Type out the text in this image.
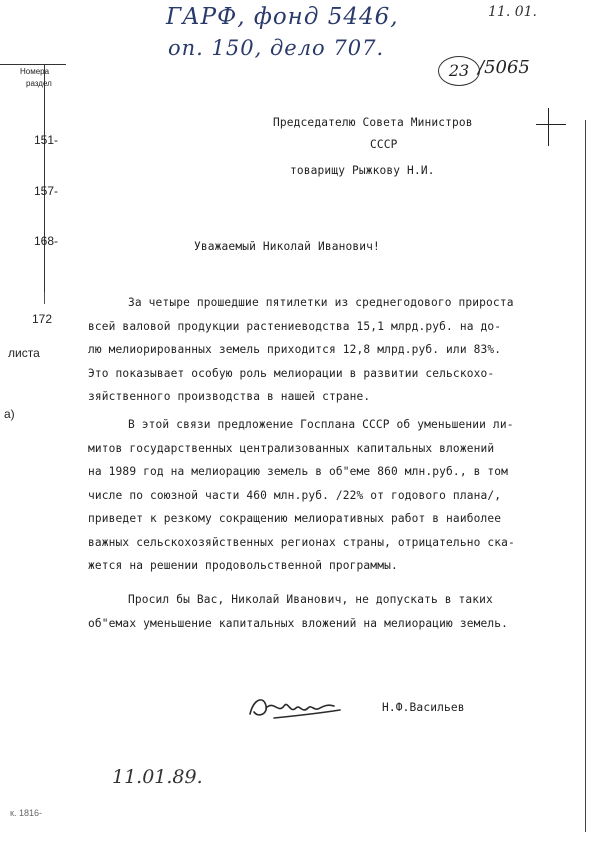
Номера
раздел
151-
157-
168-
172
листа
а)
к. 1816-
ГАРФ, фонд 5446,
оп. 150, дело 707.
11. 01.
23 /5065
Председателю Совета Министров
СССР
товарищу Рыжкову Н.И.
Уважаемый Николай Иванович!
За четыре прошедшие пятилетки из среднегодового прироста
всей валовой продукции растениеводства 15,1 млрд.руб. на до-
лю мелиорированных земель приходится 12,8 млрд.руб. или 83%.
Это показывает особую роль мелиорации в развитии сельскохо-
зяйственного производства в нашей стране.
В этой связи предложение Госплана СССР об уменьшении ли-
митов государственных централизованных капитальных вложений
на 1989 год на мелиорацию земель в об"еме 860 млн.руб., в том
числе по союзной части 460 млн.руб. /22% от годового плана/,
приведет к резкому сокращению мелиоративных работ в наиболее
важных сельскохозяйственных регионах страны, отрицательно ска-
жется на решении продовольственной программы.
Просил бы Вас, Николай Иванович, не допускать в таких
об"емах уменьшение капитальных вложений на мелиорацию земель.
Н.Ф.Васильев
11.01.89.
